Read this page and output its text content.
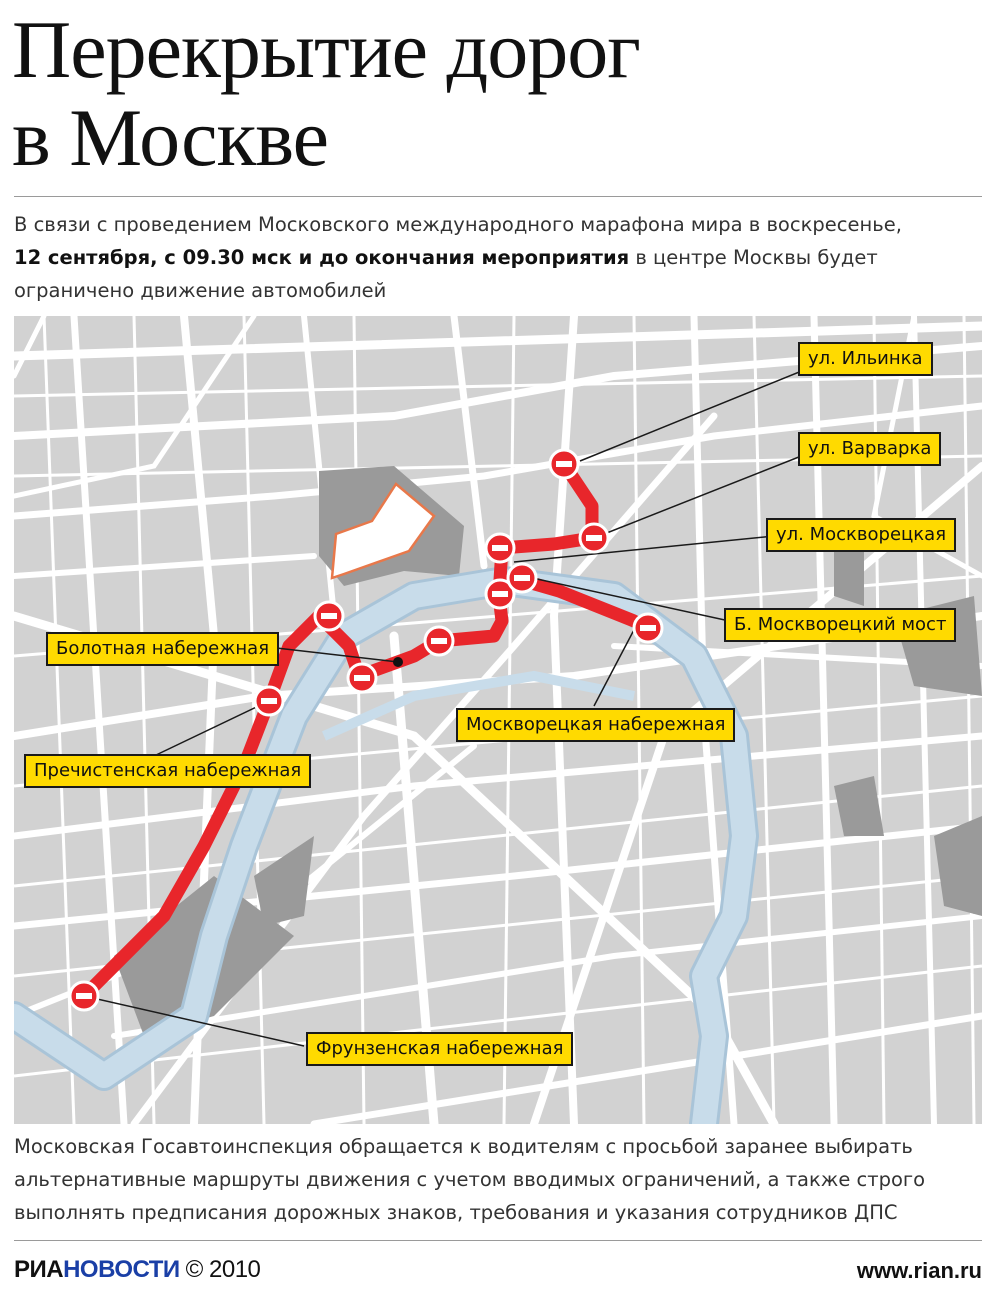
Перекрытие дорог
в Москве
В связи с проведением Московского международного марафона мира в воскресенье,
12 сентября, с 09.30 мск и до окончания мероприятия в центре Москвы будет ограничено движение автомобилей
ул. Ильинка
ул. Варварка
ул. Москворецкая
Б. Москворецкий мост
Болотная набережная
Пречистенская набережная
Москворецкая набережная
Фрунзенская набережная
Московская Госавтоинспекция обращается к водителям с просьбой заранее выбирать альтернативные маршруты движения с учетом вводимых ограничений, а также строго выполнять предписания дорожных знаков, требования и указания сотрудников ДПС
РИАНОВОСТИ © 2010	www.rian.ru
